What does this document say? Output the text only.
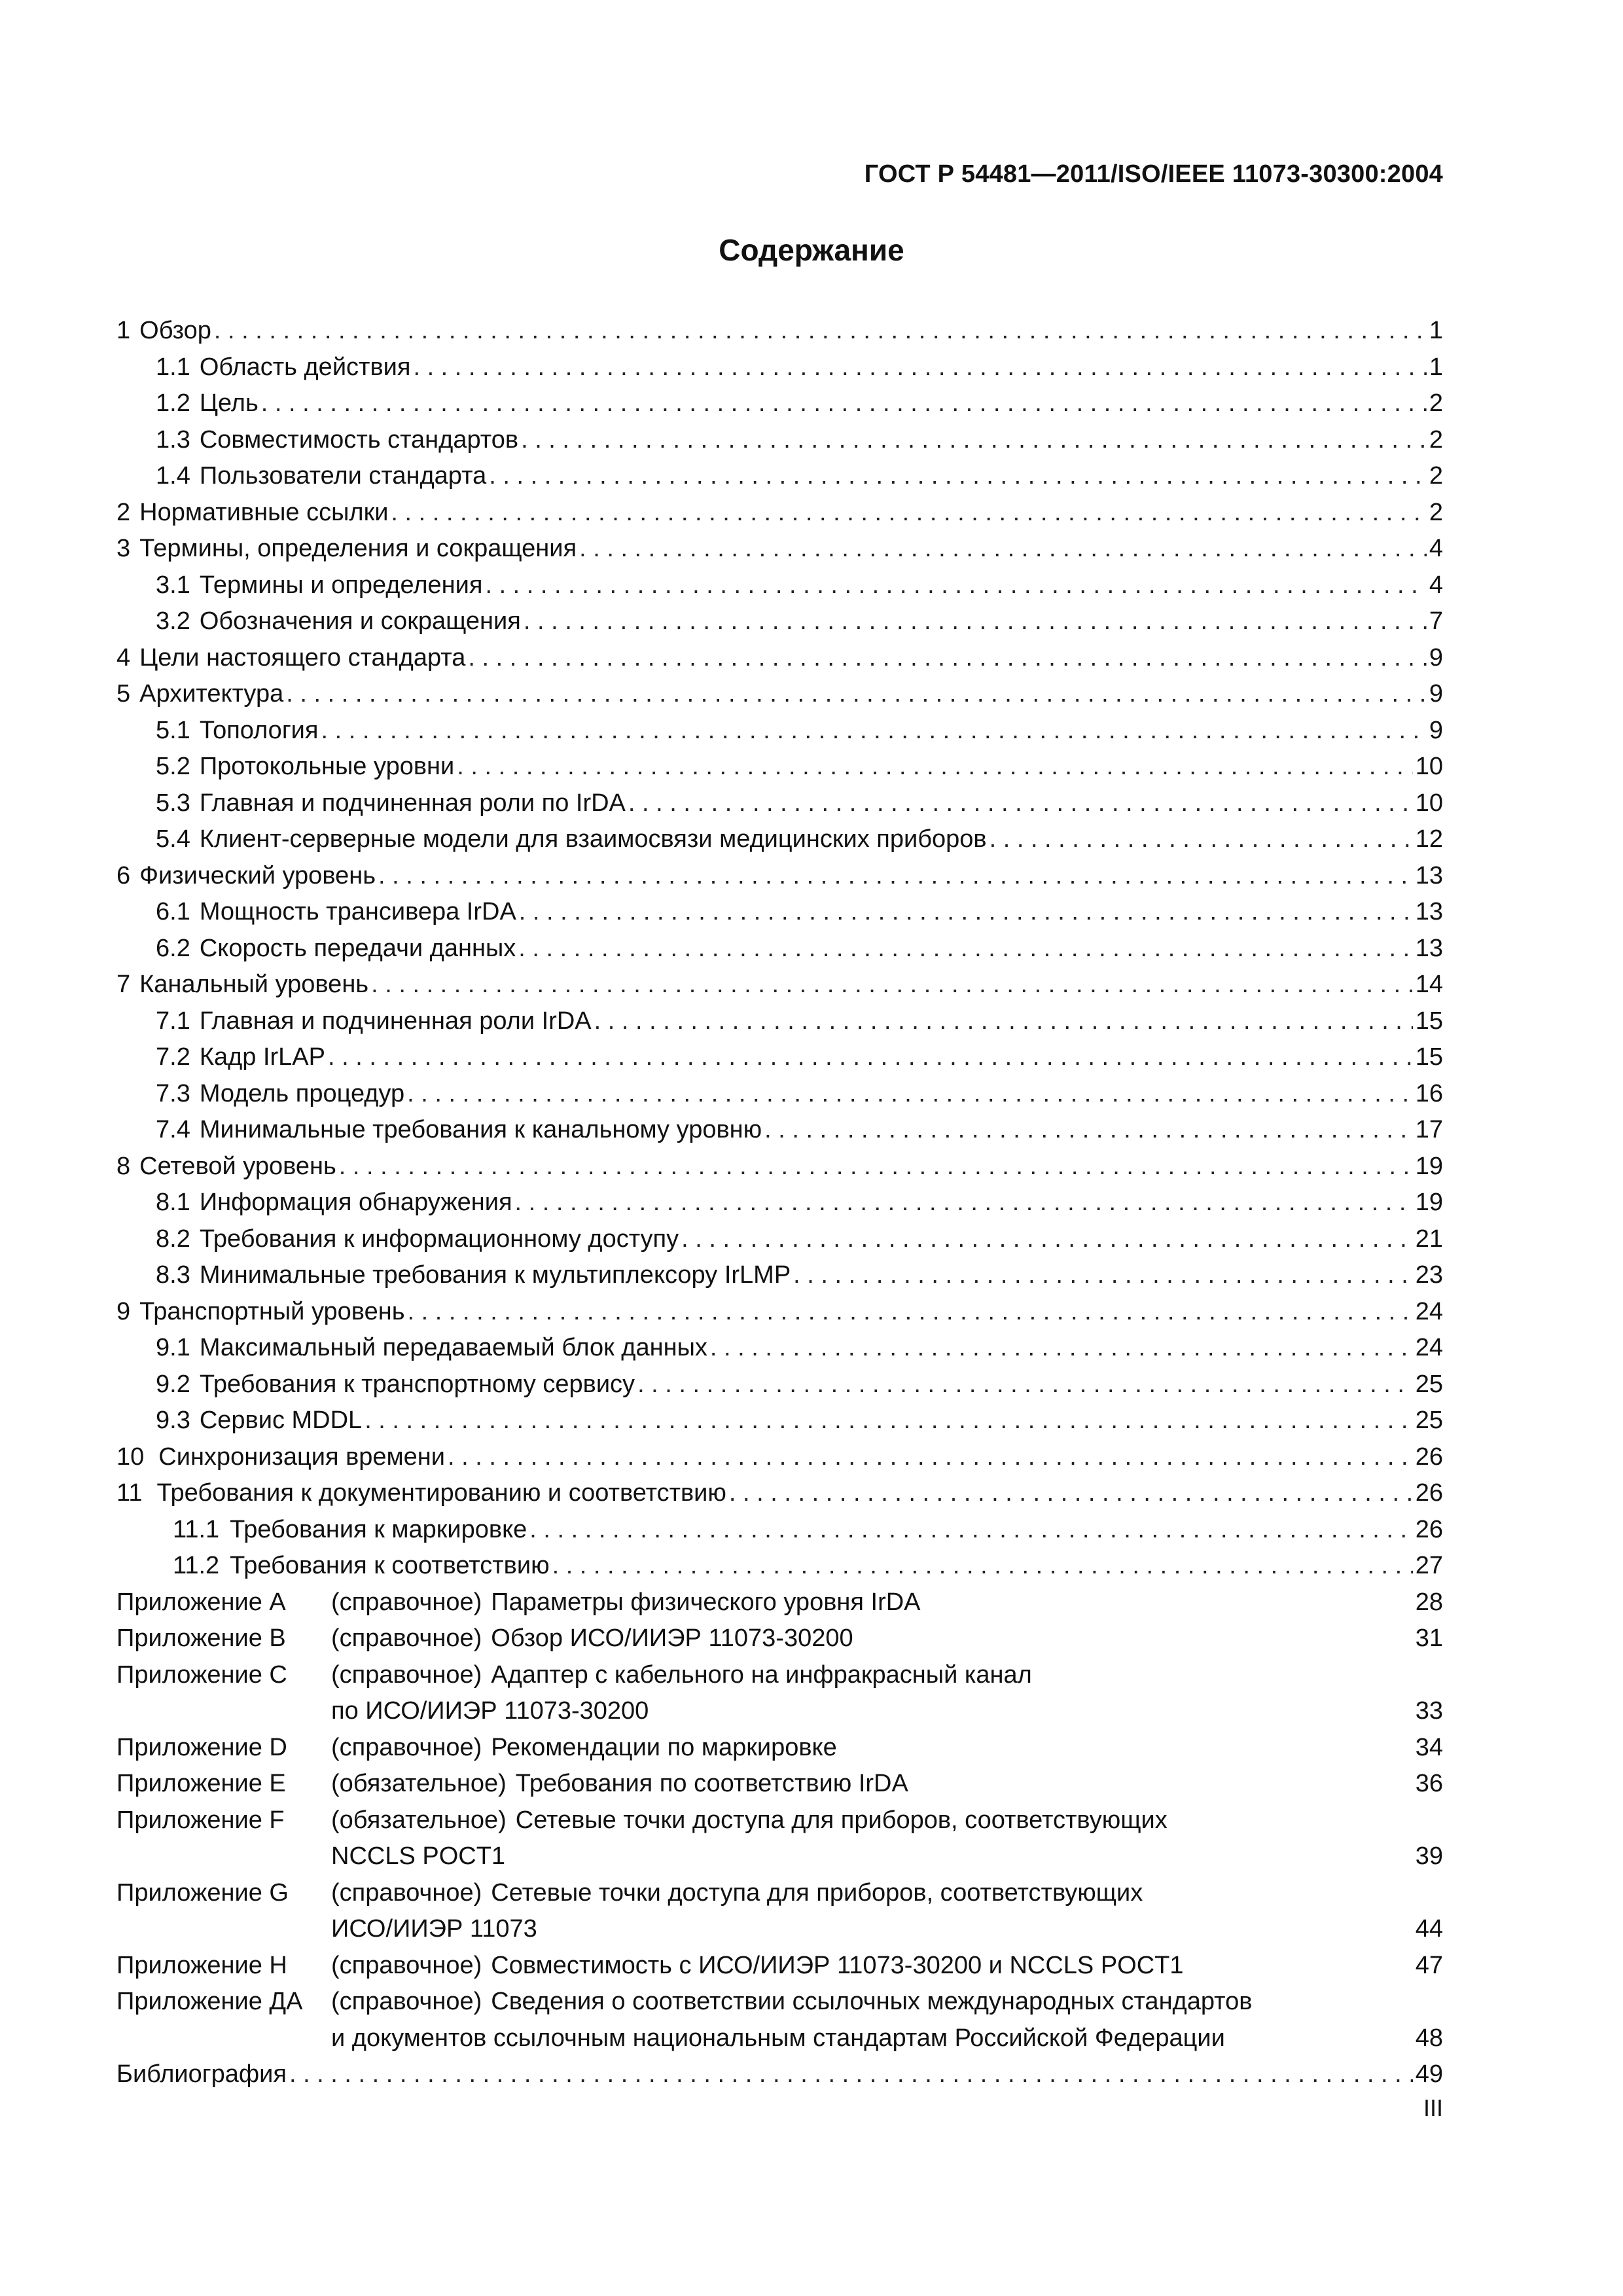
ГОСТ Р 54481—2011/ISO/IEEE 11073-30300:2004
Содержание
1 Обзор . . .	1
1.1 Область действия . . .	1
1.2 Цель . . .	2
1.3 Совместимость стандартов . . .	2
1.4 Пользователи стандарта . . .	2
2 Нормативные ссылки . . .	2
3 Термины, определения и сокращения . . .	4
3.1 Термины и определения . . .	4
3.2 Обозначения и сокращения . . .	7
4 Цели настоящего стандарта . . .	9
5 Архитектура . . .	9
5.1 Топология . . .	9
5.2 Протокольные уровни . . .	10
5.3 Главная и подчиненная роли по IrDA . . .	10
5.4 Клиент-серверные модели для взаимосвязи медицинских приборов . . .	12
6 Физический уровень . . .	13
6.1 Мощность трансивера IrDA . . .	13
6.2 Скорость передачи данных . . .	13
7 Канальный уровень . . .	14
7.1 Главная и подчиненная роли IrDA . . .	15
7.2 Кадр IrLAP . . .	15
7.3 Модель процедур . . .	16
7.4 Минимальные требования к канальному уровню . . .	17
8 Сетевой уровень . . .	19
8.1 Информация обнаружения . . .	19
8.2 Требования к информационному доступу . . .	21
8.3 Минимальные требования к мультиплексору IrLMP . . .	23
9 Транспортный уровень . . .	24
9.1 Максимальный передаваемый блок данных . . .	24
9.2 Требования к транспортному сервису . . .	25
9.3 Сервис MDDL . . .	25
10 Синхронизация времени . . .	26
11 Требования к документированию и соответствию . . .	26
11.1 Требования к маркировке . . .	26
11.2 Требования к соответствию . . .	27
Приложение A	(справочное) Параметры физического уровня IrDA	28
Приложение B	(справочное) Обзор ИСО/ИИЭР 11073-30200	31
Приложение C	(справочное) Адаптер с кабельного на инфракрасный канал
по ИСО/ИИЭР 11073-30200	33
Приложение D	(справочное) Рекомендации по маркировке	34
Приложение E	(обязательное) Требования по соответствию IrDA	36
Приложение F	(обязательное) Сетевые точки доступа для приборов, соответствующих
NCCLS POCT1	39
Приложение G	(справочное) Сетевые точки доступа для приборов, соответствующих
ИСО/ИИЭР 11073	44
Приложение H	(справочное) Совместимость с ИСО/ИИЭР 11073-30200 и NCCLS POCT1	47
Приложение ДА	(справочное) Сведения о соответствии ссылочных международных стандартов
и документов ссылочным национальным стандартам Российской Федерации	48
Библиография . . .	49
III
